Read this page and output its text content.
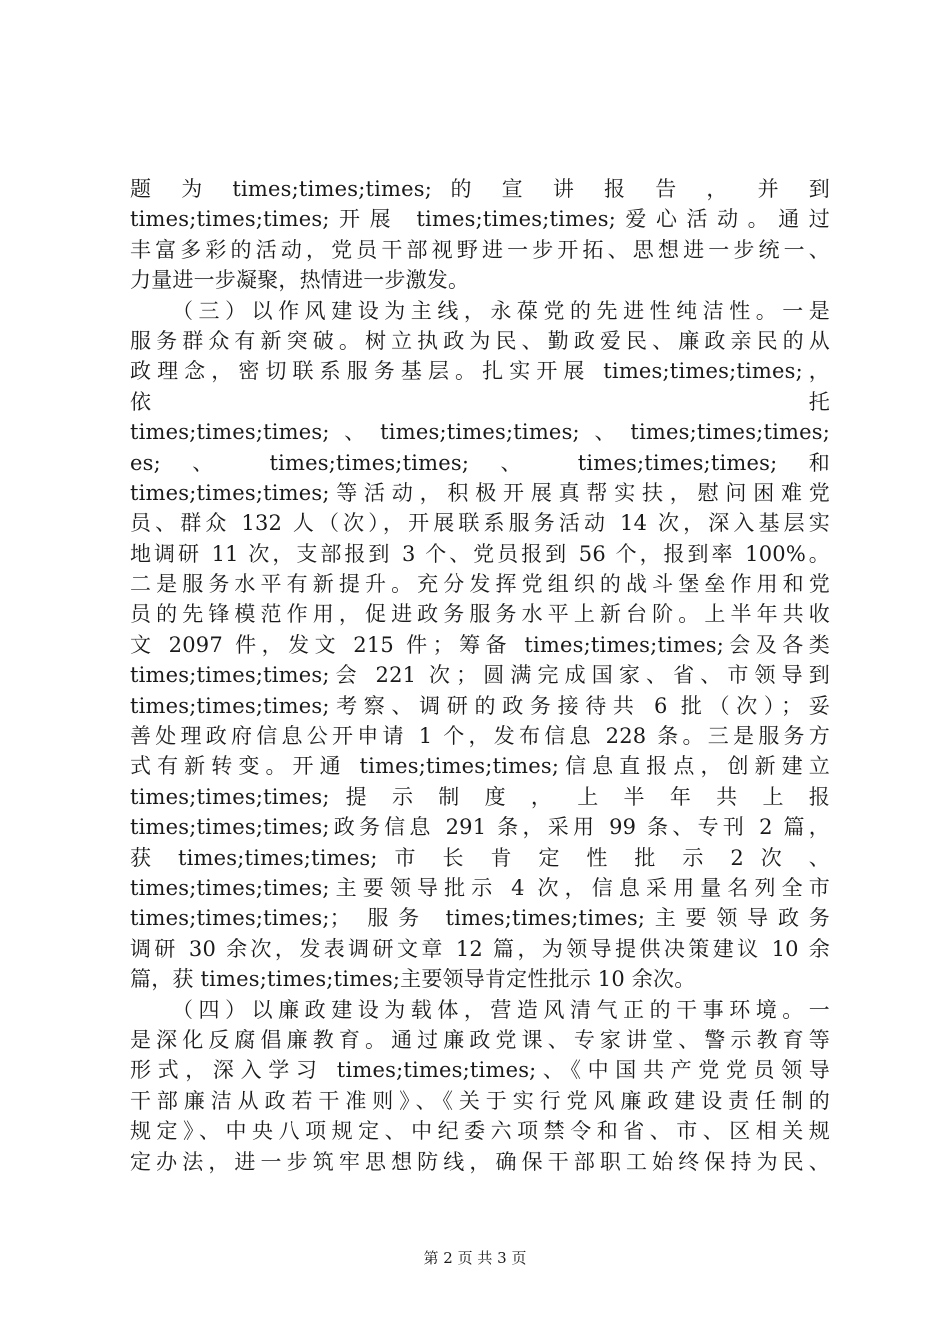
题 为 times;times;times; 的 宣 讲 报 告 ， 并 到
times;times;times;开展 times;times;times;爱心活动。通过
丰富多彩的活动，党员干部视野进一步开拓、思想进一步统一、
力量进一步凝聚，热情进一步激发。
（三）以作风建设为主线，永葆党的先进性纯洁性。一是
服务群众有新突破。树立执政为民、勤政爱民、廉政亲民的从
政理念，密切联系服务基层。扎实开展 times;times;times;，
依 托
times;times;times;、times;times;times;、times;times;times;
es; 、 times;times;times; 、 times;times;times; 和
times;times;times;等活动，积极开展真帮实扶，慰问困难党
员、群众 132 人（次），开展联系服务活动 14 次，深入基层实
地调研 11 次，支部报到 3 个、党员报到 56 个，报到率 100%。
二是服务水平有新提升。充分发挥党组织的战斗堡垒作用和党
员的先锋模范作用，促进政务服务水平上新台阶。上半年共收
文 2097 件，发文 215 件；筹备 times;times;times;会及各类
times;times;times;会 221 次；圆满完成国家、省、市领导到
times;times;times;考察、调研的政务接待共 6 批（次）；妥
善处理政府信息公开申请 1 个，发布信息 228 条。三是服务方
式有新转变。开通 times;times;times;信息直报点，创新建立
times;times;times; 提 示 制 度 ， 上 半 年 共 上 报
times;times;times;政务信息 291 条，采用 99 条、专刊 2 篇，
获 times;times;times; 市 长 肯 定 性 批 示 2 次 、
times;times;times;主要领导批示 4 次，信息采用量名列全市
times;times;times;； 服务 times;times;times;主要领导政务
调研 30 余次，发表调研文章 12 篇，为领导提供决策建议 10 余
篇，获 times;times;times;主要领导肯定性批示 10 余次。
（四）以廉政建设为载体，营造风清气正的干事环境。一
是深化反腐倡廉教育。通过廉政党课、专家讲堂、警示教育等
形式，深入学习 times;times;times;、《中国共产党党员领导
干部廉洁从政若干准则》、《关于实行党风廉政建设责任制的
规定》、中央八项规定、中纪委六项禁令和省、市、区相关规
定办法，进一步筑牢思想防线，确保干部职工始终保持为民、
第 2 页 共 3 页
